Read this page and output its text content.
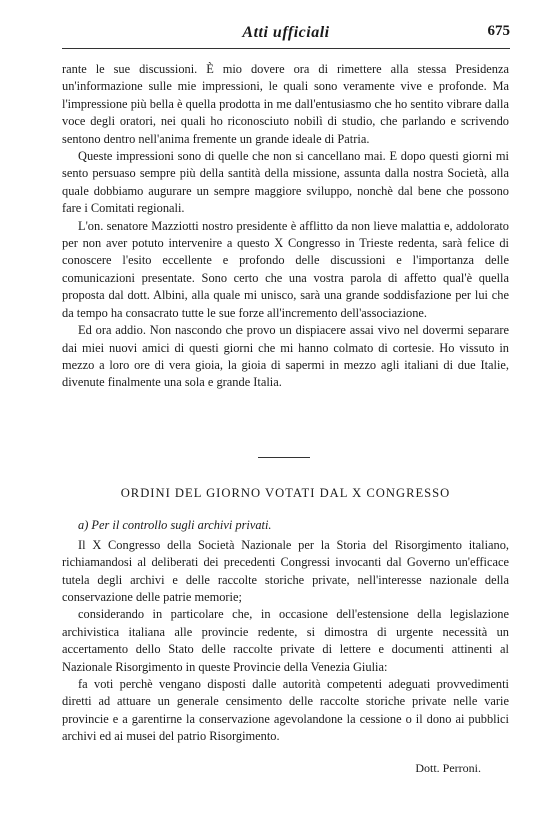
Atti ufficiali	675

rante le sue discussioni. È mio dovere ora di rimettere alla stessa Presidenza un'informazione sulle mie impressioni, le quali sono veramente vive e profonde. Ma l'impressione più bella è quella prodotta in me dall'entusiasmo che ho sentito vibrare dalla voce degli oratori, nei quali ho riconosciuto nobilì di studio, che parlando e scrivendo sentono dentro nell'anima fremente un grande ideale di Patria.

Queste impressioni sono di quelle che non si cancellano mai. E dopo questi giorni mi sento persuaso sempre più della santità della missione, assunta dalla nostra Società, alla quale dobbiamo augurare un sempre maggiore sviluppo, nonchè dal bene che possono fare i Comitati regionali.

L'on. senatore Mazziotti nostro presidente è afflitto da non lieve malattia e, addolorato per non aver potuto intervenire a questo X Congresso in Trieste redenta, sarà felice di conoscere l'esito eccellente e profondo delle discussioni e l'importanza delle comunicazioni presentate. Sono certo che una vostra parola di affetto qual'è quella proposta dal dott. Albini, alla quale mi unisco, sarà una grande soddisfazione per lui che da tempo ha consacrato tutte le sue forze all'incremento dell'associazione.

Ed ora addio. Non nascondo che provo un dispiacere assai vivo nel dovermi separare dai miei nuovi amici di questi giorni che mi hanno colmato di cortesie. Ho vissuto in mezzo a loro ore di vera gioia, la gioia di sapermi in mezzo agli italiani di due Italie, divenute finalmente una sola e grande Italia.

ORDINI DEL GIORNO VOTATI DAL X CONGRESSO
a) Per il controllo sugli archivi privati.

Il X Congresso della Società Nazionale per la Storia del Risorgimento italiano, richiamandosi al deliberati dei precedenti Congressi invocanti dal Governo un'efficace tutela degli archivi e delle raccolte storiche private, nell'interesse nazionale della conservazione delle patrie memorie;

considerando in particolare che, in occasione dell'estensione della legislazione archivistica italiana alle provincie redente, si dimostra di urgente necessità un accertamento dello Stato delle raccolte private di lettere e documenti attinenti al Nazionale Risorgimento in queste Provincie della Venezia Giulia:

fa voti perchè vengano disposti dalle autorità competenti adeguati provvedimenti diretti ad attuare un generale censimento delle raccolte storiche private nelle varie provincie e a garentirne la conservazione agevolandone la cessione o il dono ai pubblici archivi ed ai musei del patrio Risorgimento.

Dott. Perroni.
